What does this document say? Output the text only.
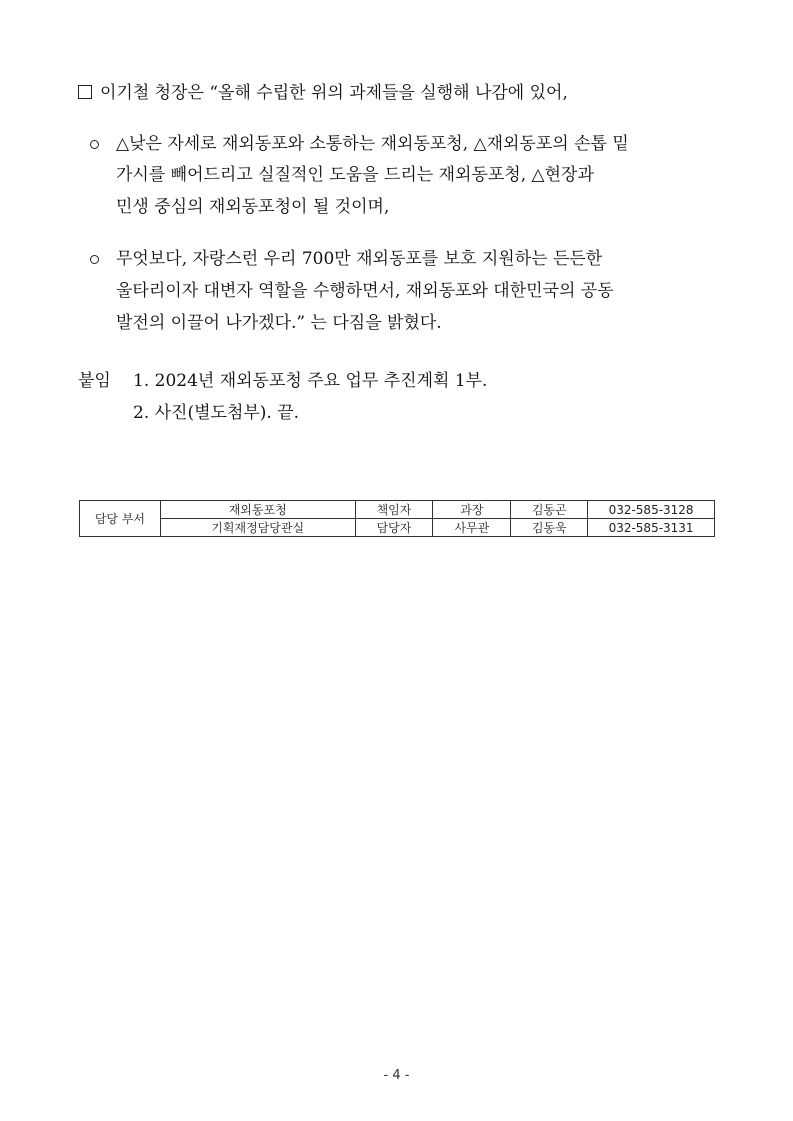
이기철 청장은 “올해 수립한 위의 과제들을 실행해 나감에 있어,
△낮은 자세로 재외동포와 소통하는 재외동포청, △재외동포의 손톱 밑
가시를 빼어드리고 실질적인 도움을 드리는 재외동포청, △현장과
민생 중심의 재외동포청이 될 것이며,
무엇보다, 자랑스런 우리 700만 재외동포를 보호 지원하는 든든한
울타리이자 대변자 역할을 수행하면서, 재외동포와 대한민국의 공동
발전의 이끌어 나가겠다.” 는 다짐을 밝혔다.
붙임 1. 2024년 재외동포청 주요 업무 추진계획 1부.
2. 사진(별도첨부). 끝.
담당 부서	재외동포청	책임자	과장	김동곤	032-585-3128
	기획재정담당관실	담당자	사무관	김동욱	032-585-3131
- 4 -
